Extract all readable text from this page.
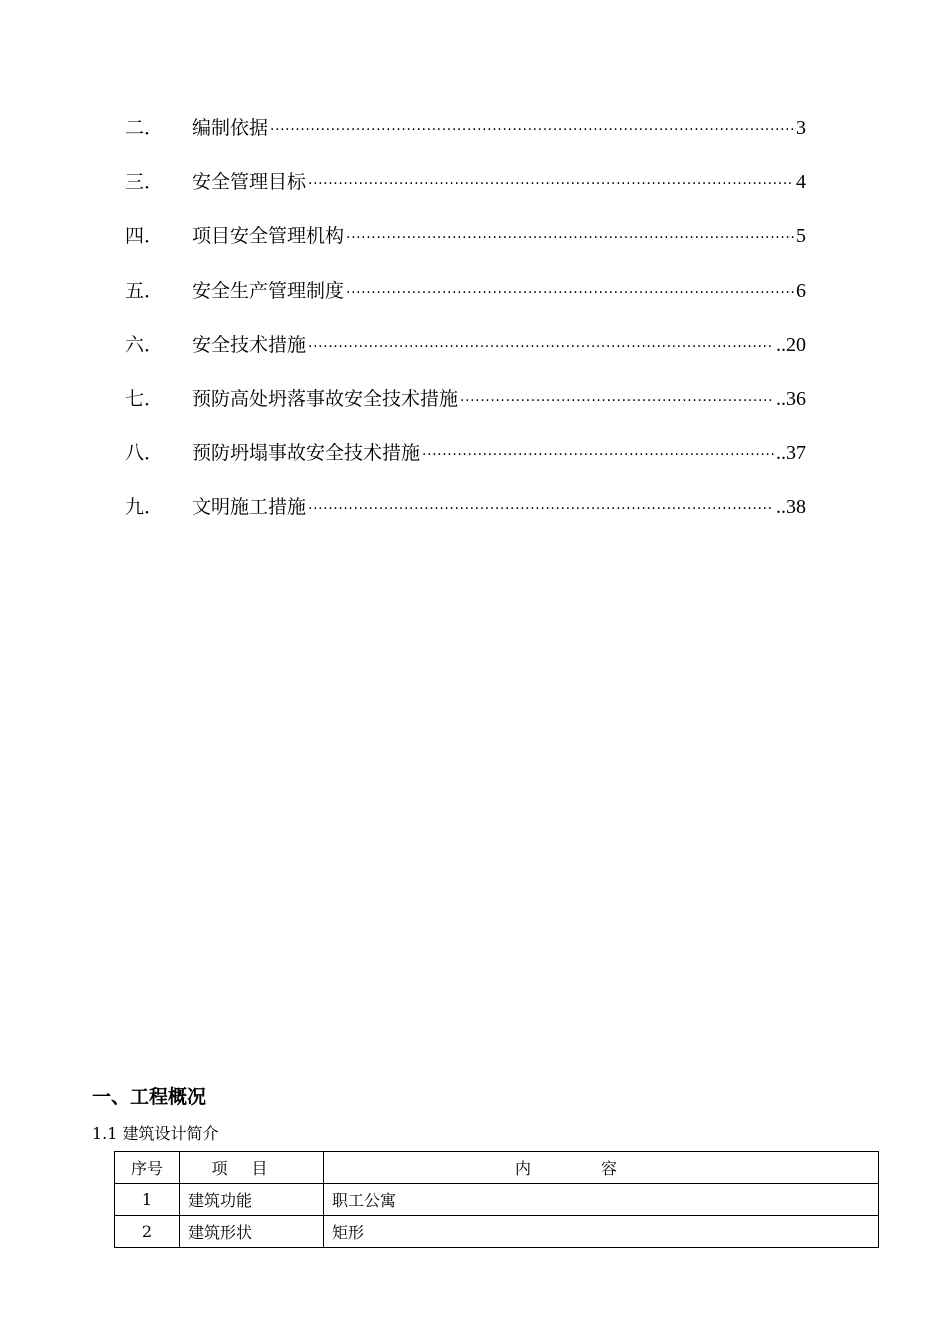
二．	编制依据 ·····	3
三．	安全管理目标 ·····	4
四．	项目安全管理机构 ·····	5
五．	安全生产管理制度 ·····	6
六．	安全技术措施 ·····	..20
七．	预防高处坍落事故安全技术措施 ·····	..36
八．	预防坍塌事故安全技术措施 ·····	..37
九．	文明施工措施 ·····	..38
一、工程概况
1.1 建筑设计简介
序号	项目	内容
1	建筑功能	职工公寓
2	建筑形状	矩形
